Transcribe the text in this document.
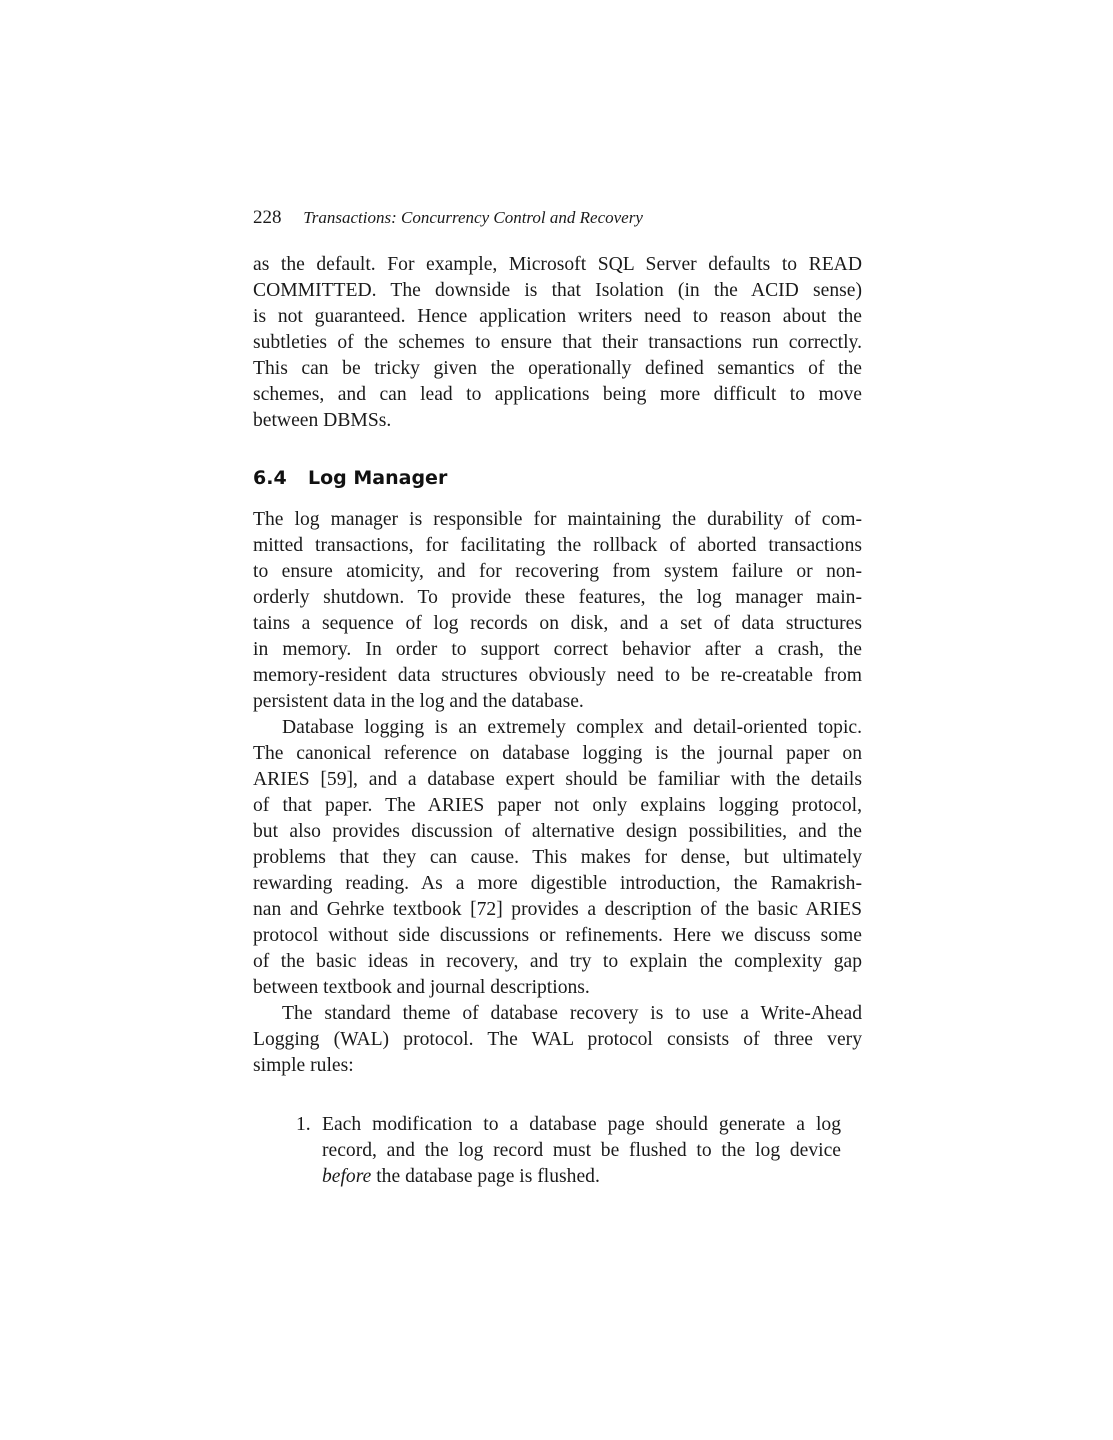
228 Transactions: Concurrency Control and Recovery
as the default. For example, Microsoft SQL Server defaults to READ
COMMITTED. The downside is that Isolation (in the ACID sense)
is not guaranteed. Hence application writers need to reason about the
subtleties of the schemes to ensure that their transactions run correctly.
This can be tricky given the operationally defined semantics of the
schemes, and can lead to applications being more difficult to move
between DBMSs.
6.4 Log Manager
The log manager is responsible for maintaining the durability of com-
mitted transactions, for facilitating the rollback of aborted transactions
to ensure atomicity, and for recovering from system failure or non-
orderly shutdown. To provide these features, the log manager main-
tains a sequence of log records on disk, and a set of data structures
in memory. In order to support correct behavior after a crash, the
memory-resident data structures obviously need to be re-creatable from
persistent data in the log and the database.
Database logging is an extremely complex and detail-oriented topic.
The canonical reference on database logging is the journal paper on
ARIES [59], and a database expert should be familiar with the details
of that paper. The ARIES paper not only explains logging protocol,
but also provides discussion of alternative design possibilities, and the
problems that they can cause. This makes for dense, but ultimately
rewarding reading. As a more digestible introduction, the Ramakrish-
nan and Gehrke textbook [72] provides a description of the basic ARIES
protocol without side discussions or refinements. Here we discuss some
of the basic ideas in recovery, and try to explain the complexity gap
between textbook and journal descriptions.
The standard theme of database recovery is to use a Write-Ahead
Logging (WAL) protocol. The WAL protocol consists of three very
simple rules:
1. Each modification to a database page should generate a log
record, and the log record must be flushed to the log device
before the database page is flushed.
